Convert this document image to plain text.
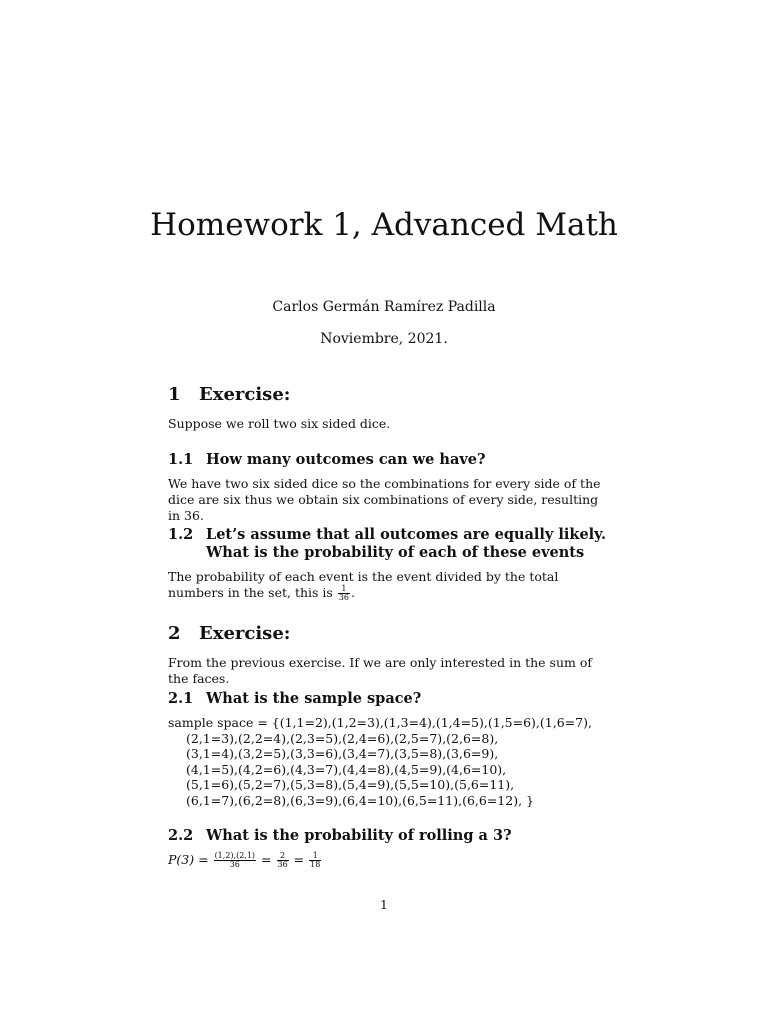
Homework 1, Advanced Math
Carlos Germán Ramírez Padilla
Noviembre, 2021.
1 Exercise:
Suppose we roll two six sided dice.
1.1 How many outcomes can we have?
We have two six sided dice so the combinations for every side of the dice are six thus we obtain six combinations of every side, resulting in 36.
1.2 Let’s assume that all outcomes are equally likely. What is the probability of each of these events
The probability of each event is the event divided by the total numbers in the set, this is $\frac{1}{36}$ .
2 Exercise:
From the previous exercise. If we are only interested in the sum of the faces.
2.1 What is the sample space?
sample space = {(1,1=2),(1,2=3),(1,3=4),(1,4=5),(1,5=6),(1,6=7),
(2,1=3),(2,2=4),(2,3=5),(2,4=6),(2,5=7),(2,6=8),
(3,1=4),(3,2=5),(3,3=6),(3,4=7),(3,5=8),(3,6=9),
(4,1=5),(4,2=6),(4,3=7),(4,4=8),(4,5=9),(4,6=10),
(5,1=6),(5,2=7),(5,3=8),(5,4=9),(5,5=10),(5,6=11),
(6,1=7),(6,2=8),(6,3=9),(6,4=10),(6,5=11),(6,6=12), }
2.2 What is the probability of rolling a 3?
$P(3) = \frac{(1,2),(2,1)}{36} = \frac{2}{36} = \frac{1}{18}$
1
